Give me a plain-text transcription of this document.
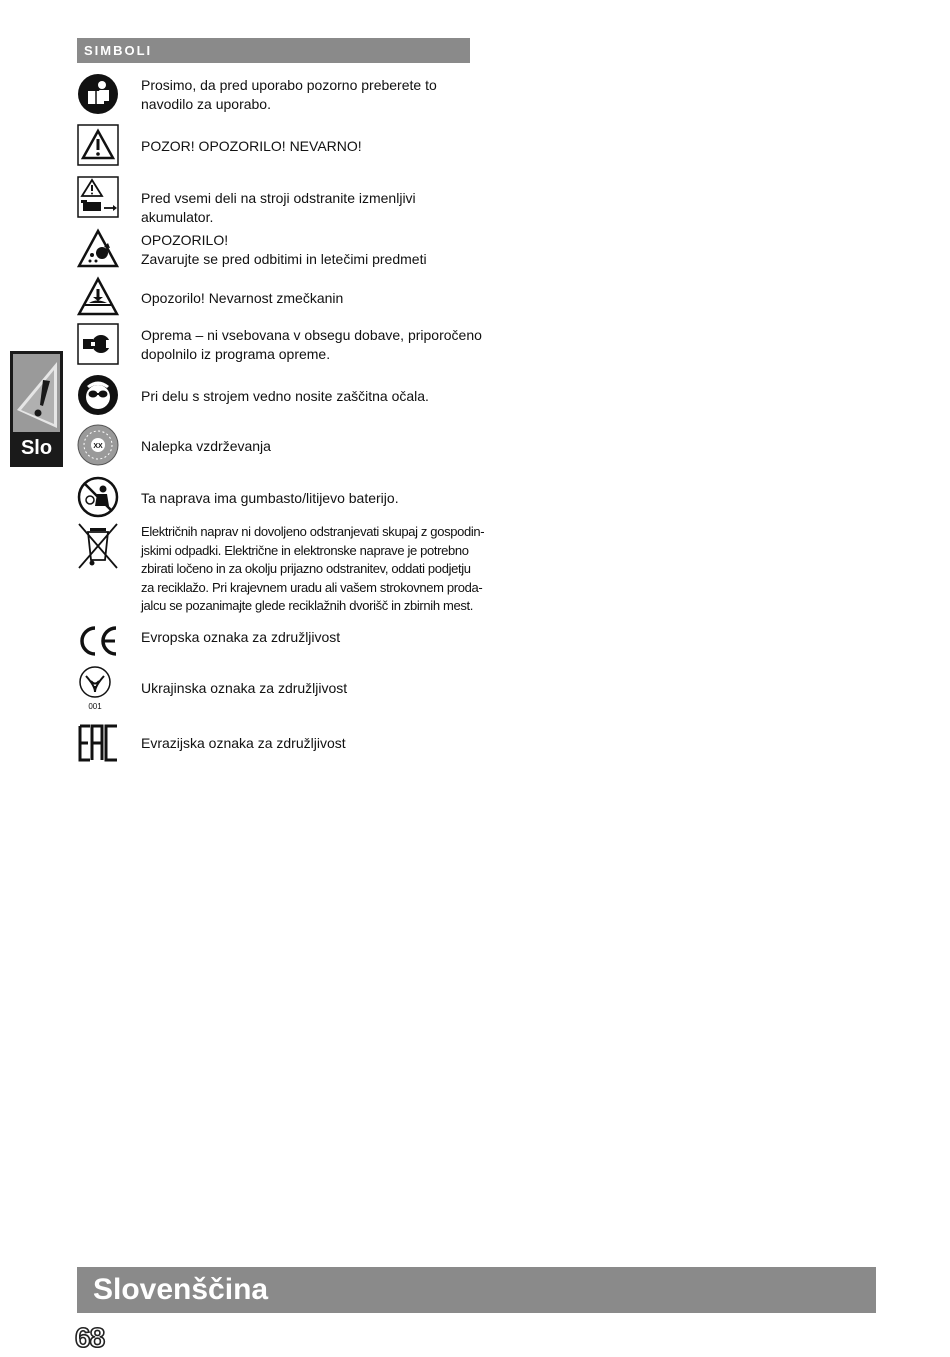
SIMBOLI
Slo
Prosimo, da pred uporabo pozorno preberete to navodilo za uporabo.
POZOR! OPOZORILO! NEVARNO!
Pred vsemi deli na stroji odstranite izmenljivi akumulator.
OPOZORILO!
Zavarujte se pred odbitimi in letečimi predmeti
Opozorilo! Nevarnost zmečkanin
Oprema – ni vsebovana v obsegu dobave, priporočeno dopolnilo iz programa opreme.
Pri delu s strojem vedno nosite zaščitna očala.
XX	Nalepka vzdrževanja
Ta naprava ima gumbasto/litijevo baterijo.
Električnih naprav ni dovoljeno odstranjevati skupaj z gospodin-
jskimi odpadki. Električne in elektronske naprave je potrebno
zbirati ločeno in za okolju prijazno odstranitev, oddati podjetju
za reciklažo. Pri krajevnem uradu ali vašem strokovnem proda-
jalcu se pozanimajte glede reciklažnih dvorišč in zbirnih mest.
Evropska oznaka za združljivost
001
Ukrajinska oznaka za združljivost
Evrazijska oznaka za združljivost
Slovenščina
68
